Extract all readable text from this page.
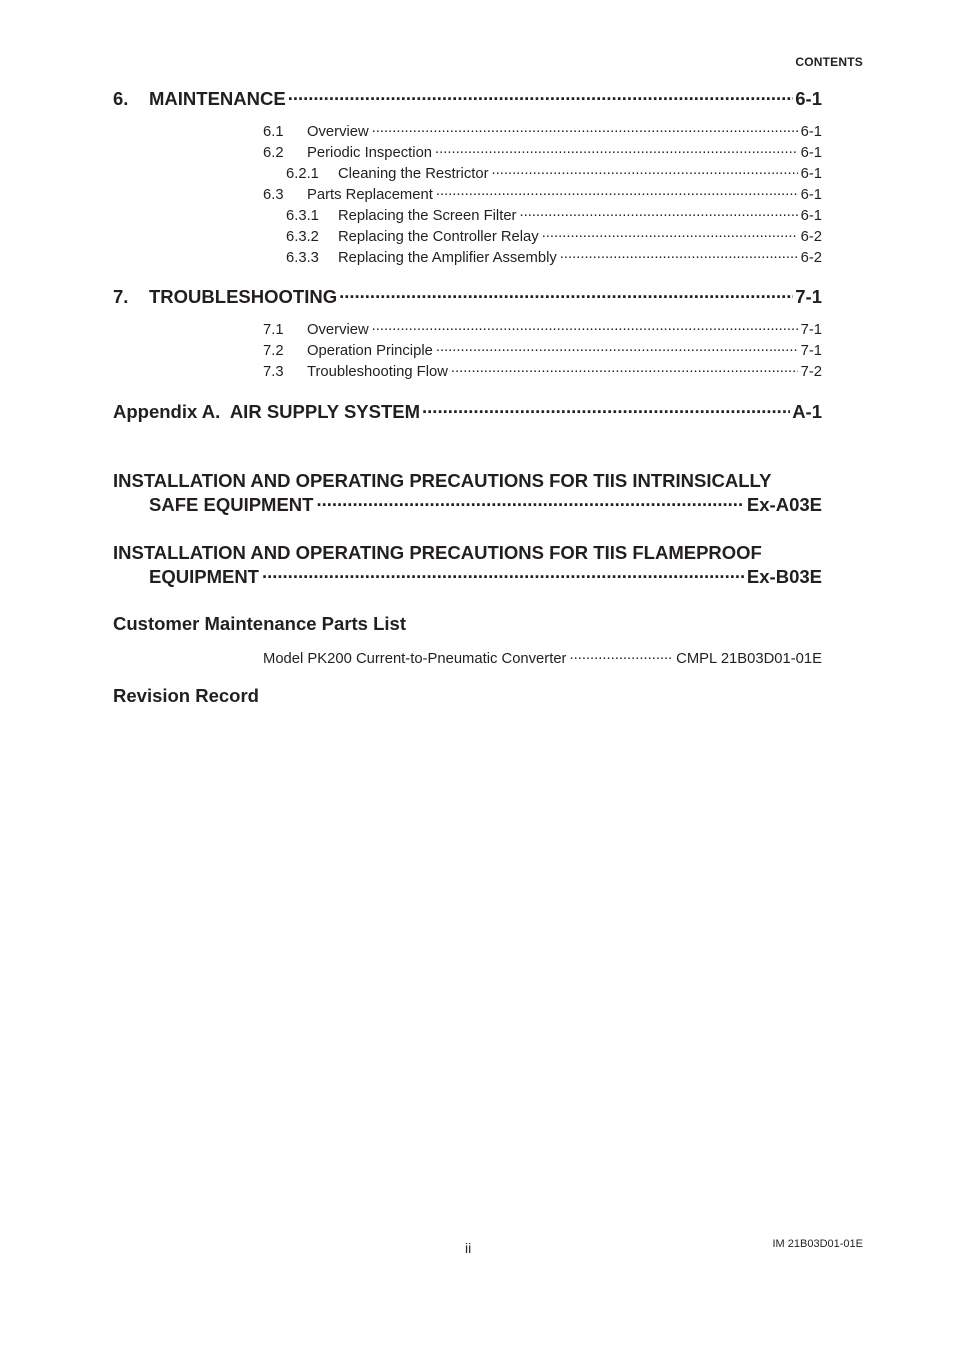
CONTENTS
6.	MAINTENANCE .....	6-1
6.1	Overview .....	6-1
6.2	Periodic Inspection .....	6-1
6.2.1	Cleaning the Restrictor .....	6-1
6.3	Parts Replacement .....	6-1
6.3.1	Replacing the Screen Filter .....	6-1
6.3.2	Replacing the Controller Relay .....	6-2
6.3.3	Replacing the Amplifier Assembly .....	6-2
7.	TROUBLESHOOTING .....	7-1
7.1	Overview .....	7-1
7.2	Operation Principle .....	7-1
7.3	Troubleshooting Flow .....	7-2
Appendix A.  AIR SUPPLY SYSTEM .....	A-1
INSTALLATION AND OPERATING PRECAUTIONS FOR TIIS INTRINSICALLY
SAFE EQUIPMENT .....	Ex-A03E
INSTALLATION AND OPERATING PRECAUTIONS FOR TIIS FLAMEPROOF
EQUIPMENT .....	Ex-B03E
Customer Maintenance Parts List
Model PK200 Current-to-Pneumatic Converter .....	CMPL 21B03D01-01E
Revision Record
ii	IM 21B03D01-01E
